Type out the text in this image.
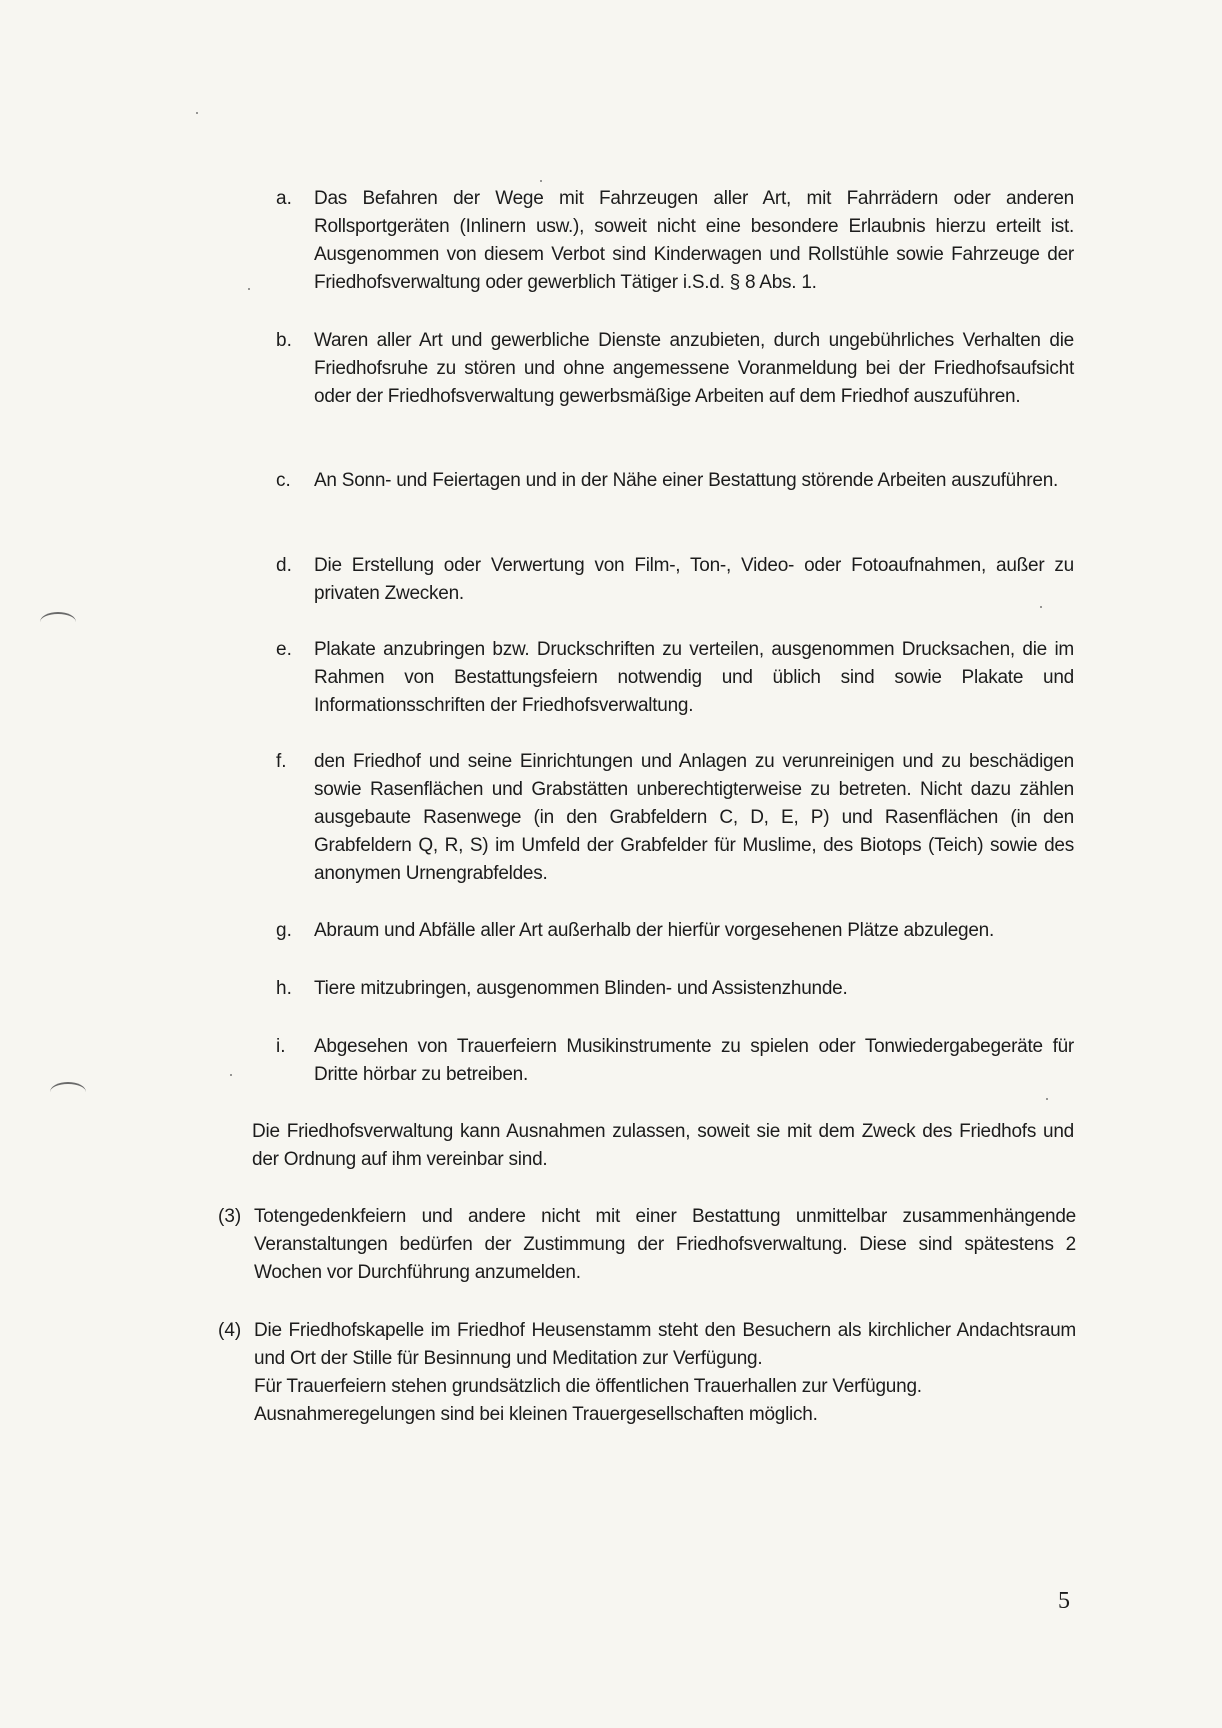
a. Das Befahren der Wege mit Fahrzeugen aller Art, mit Fahrrädern oder anderen Rollsportgeräten (Inlinern usw.), soweit nicht eine besondere Erlaubnis hierzu erteilt ist. Ausgenommen von diesem Verbot sind Kinderwagen und Rollstühle sowie Fahrzeuge der Friedhofsverwaltung oder gewerblich Tätiger i.S.d. § 8 Abs. 1.
b. Waren aller Art und gewerbliche Dienste anzubieten, durch ungebührliches Verhalten die Friedhofsruhe zu stören und ohne angemessene Voranmeldung bei der Friedhofsaufsicht oder der Friedhofsverwaltung gewerbsmäßige Arbeiten auf dem Friedhof auszuführen.
c. An Sonn- und Feiertagen und in der Nähe einer Bestattung störende Arbeiten auszuführen.
d. Die Erstellung oder Verwertung von Film-, Ton-, Video- oder Fotoaufnahmen, außer zu privaten Zwecken.
e. Plakate anzubringen bzw. Druckschriften zu verteilen, ausgenommen Drucksachen, die im Rahmen von Bestattungsfeiern notwendig und üblich sind sowie Plakate und Informationsschriften der Friedhofsverwaltung.
f. den Friedhof und seine Einrichtungen und Anlagen zu verunreinigen und zu beschädigen sowie Rasenflächen und Grabstätten unberechtigterweise zu betreten. Nicht dazu zählen ausgebaute Rasenwege (in den Grabfeldern C, D, E, P) und Rasenflächen (in den Grabfeldern Q, R, S) im Umfeld der Grabfelder für Muslime, des Biotops (Teich) sowie des anonymen Urnengrabfeldes.
g. Abraum und Abfälle aller Art außerhalb der hierfür vorgesehenen Plätze abzulegen.
h. Tiere mitzubringen, ausgenommen Blinden- und Assistenzhunde.
i. Abgesehen von Trauerfeiern Musikinstrumente zu spielen oder Tonwiedergabegeräte für Dritte hörbar zu betreiben.
Die Friedhofsverwaltung kann Ausnahmen zulassen, soweit sie mit dem Zweck des Friedhofs und der Ordnung auf ihm vereinbar sind.
(3) Totengedenkfeiern und andere nicht mit einer Bestattung unmittelbar zusammenhängende Veranstaltungen bedürfen der Zustimmung der Friedhofsverwaltung. Diese sind spätestens 2 Wochen vor Durchführung anzumelden.
(4) Die Friedhofskapelle im Friedhof Heusenstamm steht den Besuchern als kirchlicher Andachtsraum und Ort der Stille für Besinnung und Meditation zur Verfügung.
Für Trauerfeiern stehen grundsätzlich die öffentlichen Trauerhallen zur Verfügung.
Ausnahmeregelungen sind bei kleinen Trauergesellschaften möglich.
5
